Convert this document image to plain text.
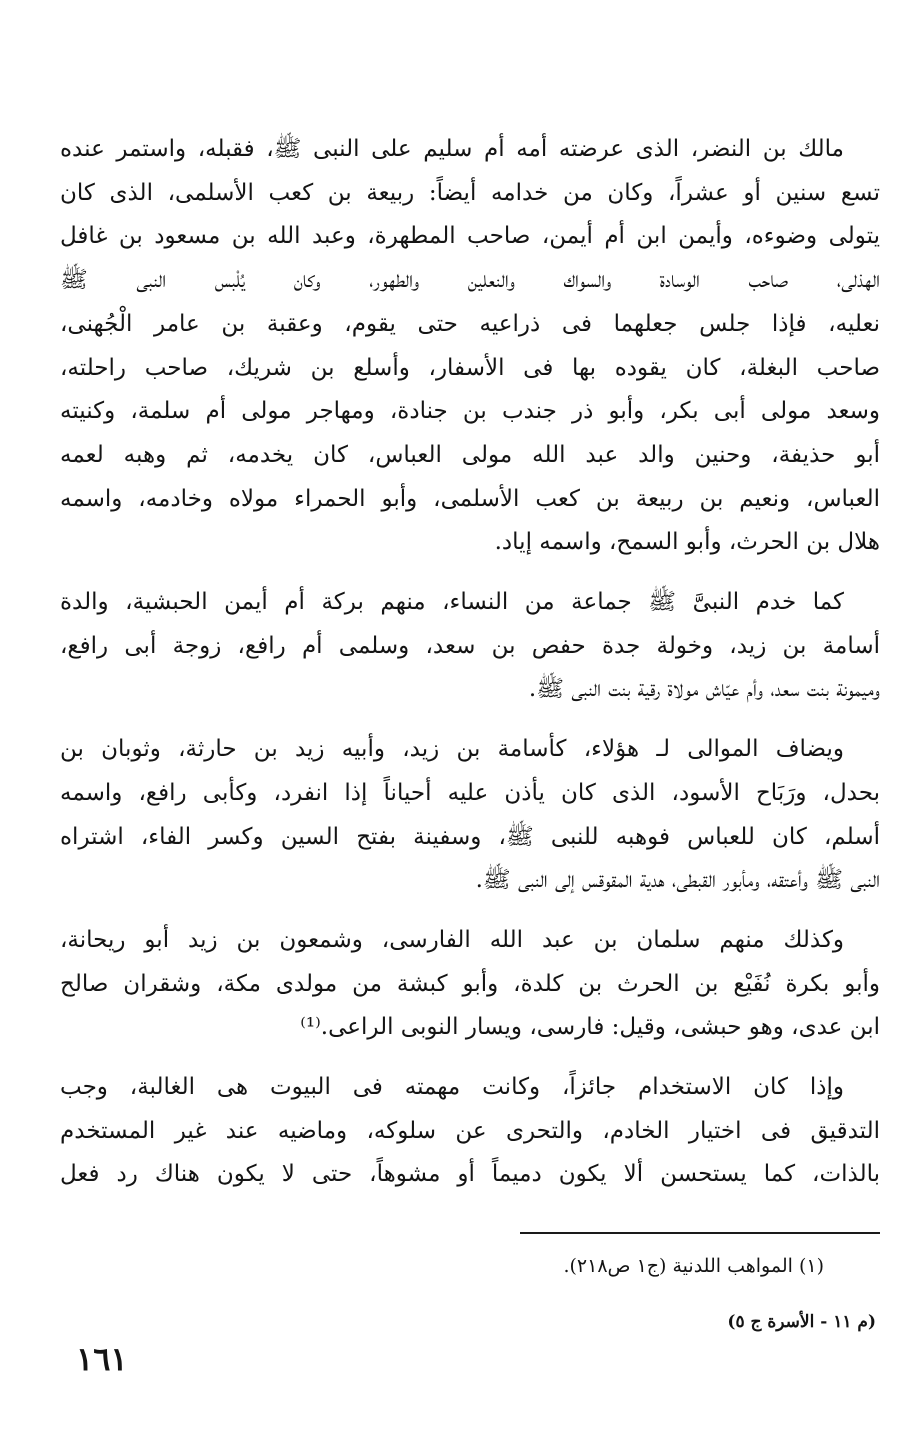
مالك بن النضر، الذى عرضته أمه أم سليم على النبى ﷺ، فقبله، واستمر عنده
تسع سنين أو عشراً، وكان من خدامه أيضاً: ربيعة بن كعب الأسلمى، الذى كان
يتولى وضوءه، وأيمن ابن أم أيمن، صاحب المطهرة، وعبد الله بن مسعود بن غافل
الهذلى، صاحب الوسادة والسواك والنعلين والطهور، وكان يُلْبس النبى ﷺ
نعليه، فإذا جلس جعلهما فى ذراعيه حتى يقوم، وعقبة بن عامر الْجُهنى،
صاحب البغلة، كان يقوده بها فى الأسفار، وأسلع بن شريك، صاحب راحلته،
وسعد مولى أبى بكر، وأبو ذر جندب بن جنادة، ومهاجر مولى أم سلمة، وكنيته
أبو حذيفة، وحنين والد عبد الله مولى العباس، كان يخدمه، ثم وهبه لعمه
العباس، ونعيم بن ربيعة بن كعب الأسلمى، وأبو الحمراء مولاه وخادمه، واسمه
هلال بن الحرث، وأبو السمح، واسمه إياد.
كما خدم النبىَّ ﷺ جماعة من النساء، منهم بركة أم أيمن الحبشية، والدة
أسامة بن زيد، وخولة جدة حفص بن سعد، وسلمى أم رافع، زوجة أبى رافع،
وميمونة بنت سعد، وأم عيّاش مولاة رقية بنت النبى ﷺ.
ويضاف الموالى لـ هؤلاء، كأسامة بن زيد، وأبيه زيد بن حارثة، وثوبان بن
بحدل، ورَبَاح الأسود، الذى كان يأذن عليه أحياناً إذا انفرد، وكأبى رافع، واسمه
أسلم، كان للعباس فوهبه للنبى ﷺ، وسفينة بفتح السين وكسر الفاء، اشتراه
النبى ﷺ وأعتقه، ومأبور القبطى، هدية المقوقس إلى النبى ﷺ.
وكذلك منهم سلمان بن عبد الله الفارسى، وشمعون بن زيد أبو ريحانة،
وأبو بكرة نُفَيْع بن الحرث بن كلدة، وأبو كبشة من مولدى مكة، وشقران صالح
ابن عدى، وهو حبشى، وقيل: فارسى، ويسار النوبى الراعى.⁽¹⁾
وإذا كان الاستخدام جائزاً، وكانت مهمته فى البيوت هى الغالبة، وجب
التدقيق فى اختيار الخادم، والتحرى عن سلوكه، وماضيه عند غير المستخدم
بالذات، كما يستحسن ألا يكون دميماً أو مشوهاً، حتى لا يكون هناك رد فعل
(١) المواهب اللدنية (ج١ ص٢١٨).
(م ١١ - الأسرة ج ٥)
١٦١
